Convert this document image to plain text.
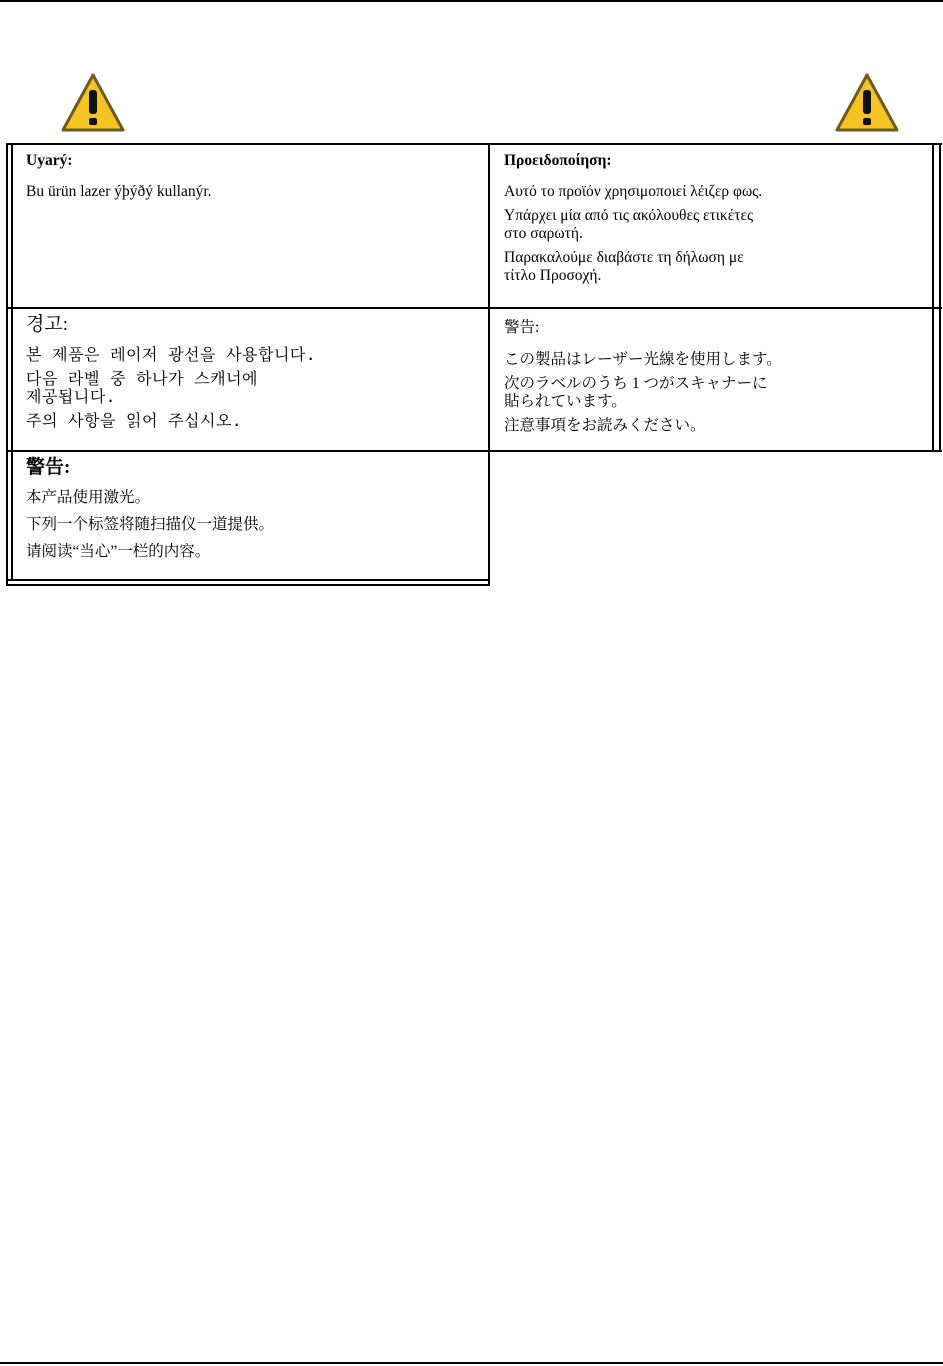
Uyarý:

Bu ürün lazer ýþýðý kullanýr.

Προειδοποίηση:

Αυτό το προϊόν χρησιμοποιεί λέιζερ φως.

Υπάρχει μία από τις ακόλουθες ετικέτες
στο σαρωτή.

Παρακαλούμε διαβάστε τη δήλωση με
τίτλο Προσοχή.

경고:

본 제품은 레이저 광선을 사용합니다.

다음 라벨 중 하나가 스캐너에
제공됩니다.

주의 사항을 읽어 주십시오.

警告:

この製品はレーザー光線を使用します。

次のラベルのうち 1 つがスキャナーに
貼られています。

注意事項をお読みください。

警告:

本产品使用激光。

下列一个标签将随扫描仪一道提供。

请阅读“当心”一栏的内容。
